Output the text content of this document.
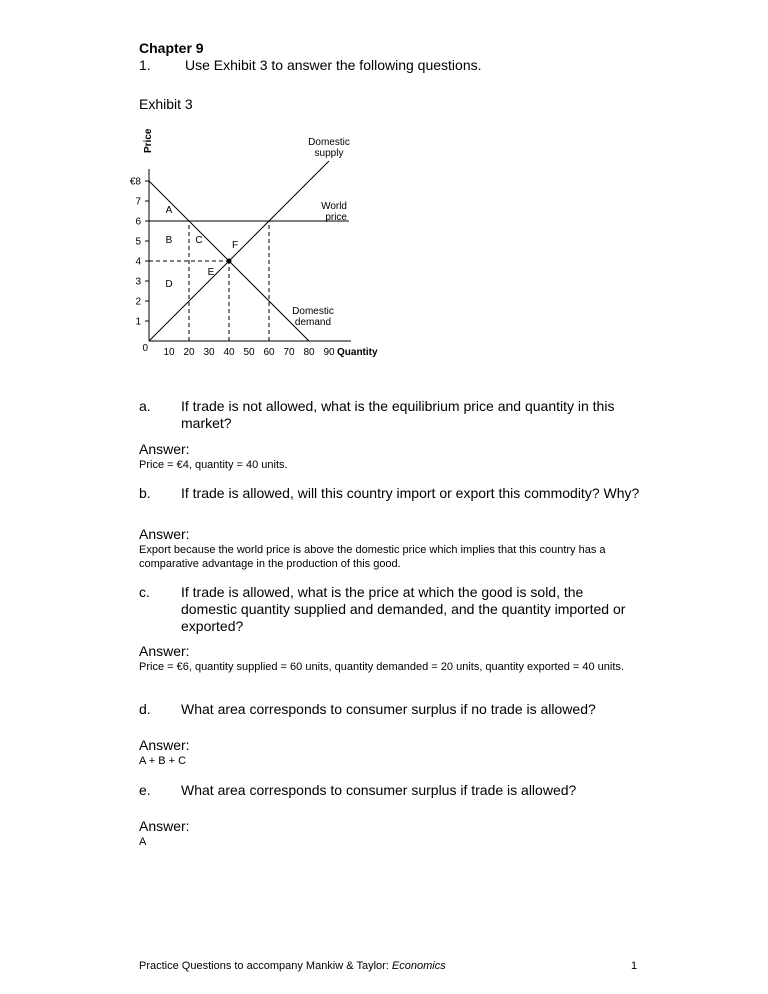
Chapter 9
1. Use Exhibit 3 to answer the following questions.
Exhibit 3
Price
€8
7
6
5
4
3
2
1
0 10 20 30 40 50 60 70 80 90 Quantity
Domestic
supply
World
price
Domestic
demand
A
B C
D
E
F
a. If trade is not allowed, what is the equilibrium price and quantity in this market?
Answer:
Price = €4, quantity = 40 units.
b. If trade is allowed, will this country import or export this commodity? Why?
Answer:
Export because the world price is above the domestic price which implies that this country has a comparative advantage in the production of this good.
c. If trade is allowed, what is the price at which the good is sold, the domestic quantity supplied and demanded, and the quantity imported or exported?
Answer:
Price = €6, quantity supplied = 60 units, quantity demanded = 20 units, quantity exported = 40 units.
d. What area corresponds to consumer surplus if no trade is allowed?
Answer:
A + B + C
e. What area corresponds to consumer surplus if trade is allowed?
Answer:
A
Practice Questions to accompany Mankiw & Taylor: Economics	1
